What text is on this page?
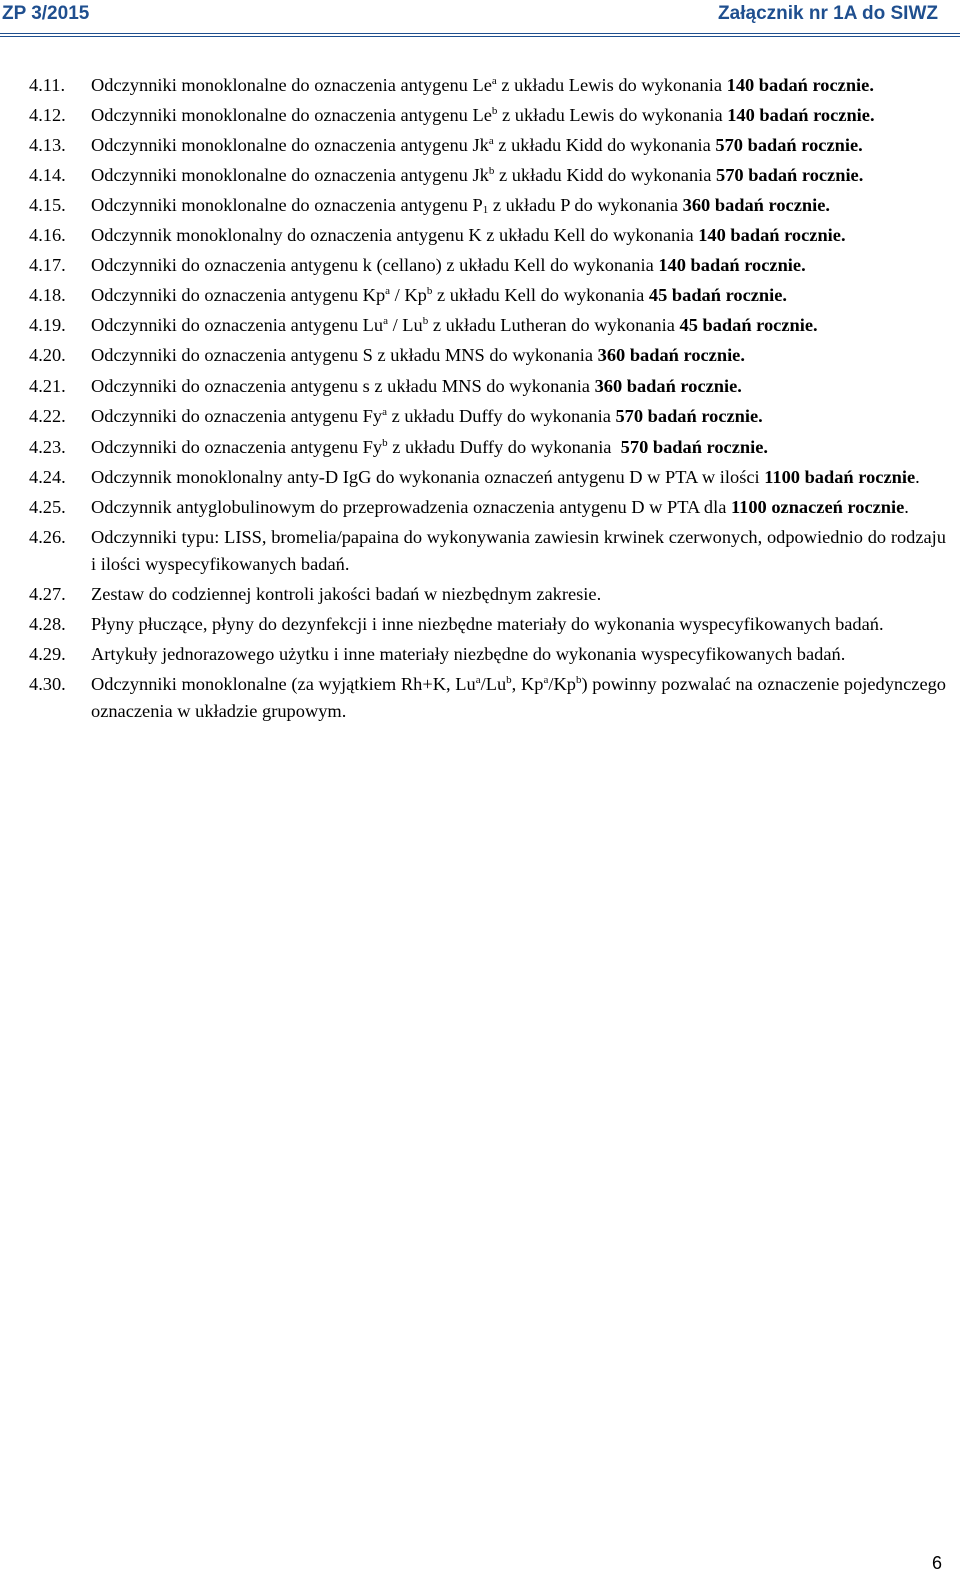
ZP 3/2015	Załącznik nr 1A do SIWZ
4.11. Odczynniki monoklonalne do oznaczenia antygenu Le$^a$ z układu Lewis do wykonania 140 badań rocznie.
4.12. Odczynniki monoklonalne do oznaczenia antygenu Le$^b$ z układu Lewis do wykonania 140 badań rocznie.
4.13. Odczynniki monoklonalne do oznaczenia antygenu Jk$^a$ z układu Kidd do wykonania 570 badań rocznie.
4.14. Odczynniki monoklonalne do oznaczenia antygenu Jk$^b$ z układu Kidd do wykonania 570 badań rocznie.
4.15. Odczynniki monoklonalne do oznaczenia antygenu $P_1$ z układu P do wykonania 360 badań rocznie.
4.16. Odczynnik monoklonalny do oznaczenia antygenu K z układu Kell do wykonania 140 badań rocznie.
4.17. Odczynniki do oznaczenia antygenu k (cellano) z układu Kell do wykonania 140 badań rocznie.
4.18. Odczynniki do oznaczenia antygenu Kp$^a$ / Kp$^b$ z układu Kell do wykonania 45 badań rocznie.
4.19. Odczynniki do oznaczenia antygenu Lu$^a$ / Lu$^b$ z układu Lutheran do wykonania 45 badań rocznie.
4.20. Odczynniki do oznaczenia antygenu S z układu MNS do wykonania 360 badań rocznie.
4.21. Odczynniki do oznaczenia antygenu s z układu MNS do wykonania 360 badań rocznie.
4.22. Odczynniki do oznaczenia antygenu Fy$^a$ z układu Duffy do wykonania 570 badań rocznie.
4.23. Odczynniki do oznaczenia antygenu Fy$^b$ z układu Duffy do wykonania  570 badań rocznie.
4.24. Odczynnik monoklonalny anty-D IgG do wykonania oznaczeń antygenu D w PTA w ilości 1100 badań rocznie.
4.25. Odczynnik antyglobulinowym do przeprowadzenia oznaczenia antygenu D w PTA dla 1100 oznaczeń rocznie.
4.26. Odczynniki typu: LISS, bromelia/papaina do wykonywania zawiesin krwinek czerwonych, odpowiednio do rodzaju i ilości wyspecyfikowanych badań.
4.27. Zestaw do codziennej kontroli jakości badań w niezbędnym zakresie.
4.28. Płyny płuczące, płyny do dezynfekcji i inne niezbędne materiały do wykonania wyspecyfikowanych badań.
4.29. Artykuły jednorazowego użytku i inne materiały niezbędne do wykonania wyspecyfikowanych badań.
4.30. Odczynniki monoklonalne (za wyjątkiem Rh+K, Lu$^a$/Lu$^b$, Kp$^a$/Kp$^b$) powinny pozwalać na oznaczenie pojedynczego oznaczenia w układzie grupowym.
6
